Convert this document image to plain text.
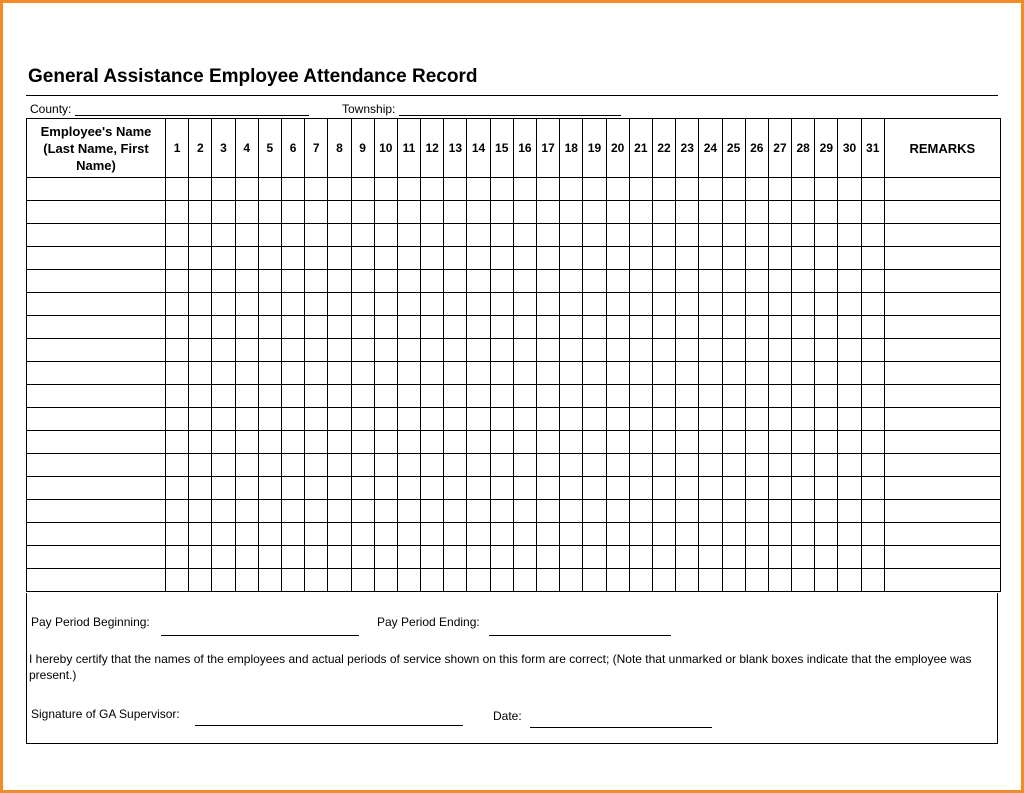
General Assistance Employee Attendance Record
County:	Township:
Employee's Name
(Last Name, First
Name)	1	2	3	4	5	6	7	8	9	10	11	12	13	14	15	16	17	18	19	20	21	22	23	24	25	26	27	28	29	30	31	REMARKS

Pay Period Beginning:	Pay Period Ending:
I hereby certify that the names of the employees and actual periods of service shown on this form are correct; (Note that unmarked or blank boxes indicate that the employee was present.)
Signature of GA Supervisor:	Date:
